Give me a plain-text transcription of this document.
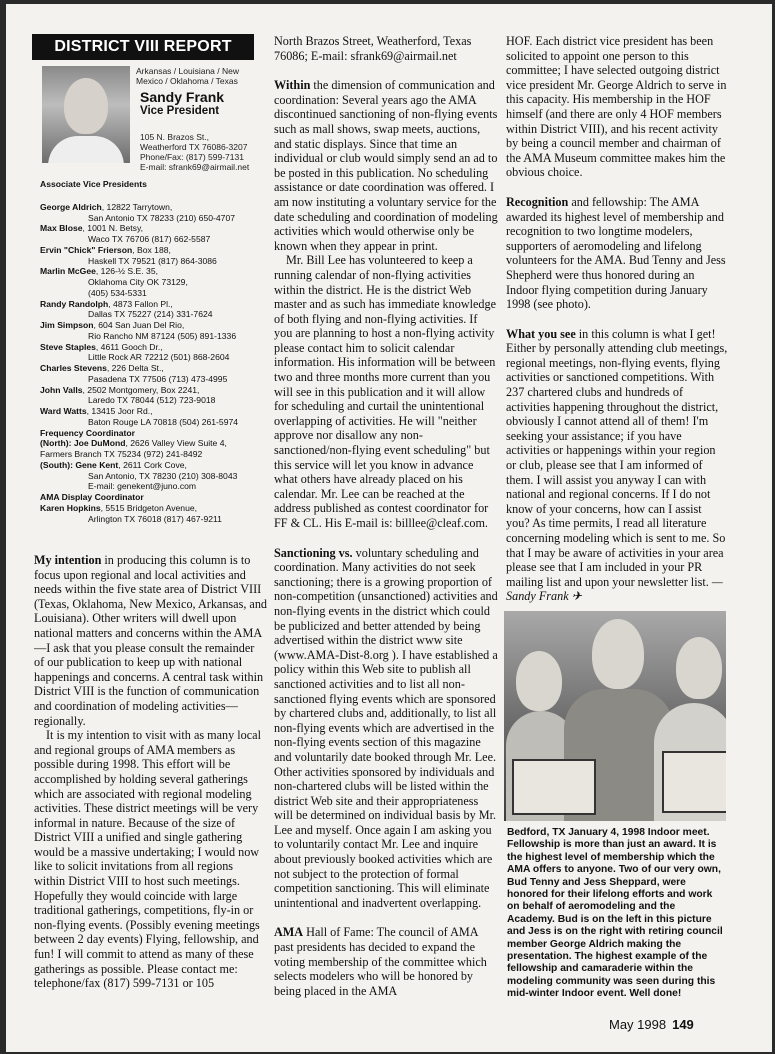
DISTRICT VIII REPORT
Arkansas / Louisiana / New Mexico / Oklahoma / Texas
Sandy Frank
Vice President
105 N. Brazos St.,
Weatherford TX 76086-3207
Phone/Fax: (817) 599-7131
E-mail: sfrank69@airmail.net
Associate Vice Presidents
George Aldrich, 12822 Tarrytown,
San Antonio TX 78233 (210) 650-4707
Max Blose, 1001 N. Betsy,
Waco TX 76706 (817) 662-5587
Ervin "Chick" Frierson, Box 188,
Haskell TX 79521 (817) 864-3086
Marlin McGee, 126-½ S.E. 35,
Oklahoma City OK 73129,
(405) 534-5331
Randy Randolph, 4873 Fallon Pl.,
Dallas TX 75227 (214) 331-7624
Jim Simpson, 604 San Juan Del Rio,
Rio Rancho NM 87124 (505) 891-1336
Steve Staples, 4611 Gooch Dr.,
Little Rock AR 72212 (501) 868-2604
Charles Stevens, 226 Delta St.,
Pasadena TX 77506 (713) 473-4995
John Valls, 2502 Montgomery, Box 2241,
Laredo TX 78044 (512) 723-9018
Ward Watts, 13415 Joor Rd.,
Baton Rouge LA 70818 (504) 261-5974
Frequency Coordinator
(North): Joe DuMond, 2626 Valley View Suite 4,
Farmers Branch TX 75234 (972) 241-8492
(South): Gene Kent, 2611 Cork Cove,
San Antonio, TX 78230 (210) 308-8043
E-mail: genekent@juno.com
AMA Display Coordinator
Karen Hopkins, 5515 Bridgeton Avenue,
Arlington TX 76018 (817) 467-9211

My intention in producing this column is to focus upon regional and local activities and needs within the five state area of District VIII (Texas, Oklahoma, New Mexico, Arkansas, and Louisiana). Other writers will dwell upon national matters and concerns within the AMA—I ask that you please consult the remainder of our publication to keep up with national happenings and concerns. A central task within District VIII is the function of communication and coordination of modeling activities—regionally.

It is my intention to visit with as many local and regional groups of AMA members as possible during 1998. This effort will be accomplished by holding several gatherings which are associated with regional modeling activities. These district meetings will be very informal in nature. Because of the size of District VIII a unified and single gathering would be a massive undertaking; I would now like to solicit invitations from all regions within District VIII to host such meetings. Hopefully they would coincide with large traditional gatherings, competitions, fly-in or non-flying events. (Possibly evening meetings between 2 day events) Flying, fellowship, and fun! I will commit to attend as many of these gatherings as possible. Please contact me: telephone/fax (817) 599-7131 or 105

North Brazos Street, Weatherford, Texas 76086; E-mail: sfrank69@airmail.net

Within the dimension of communication and coordination: Several years ago the AMA discontinued sanctioning of non-flying events such as mall shows, swap meets, auctions, and static displays. Since that time an individual or club would simply send an ad to be posted in this publication. No scheduling assistance or date coordination was offered. I am now instituting a voluntary service for the date scheduling and coordination of modeling activities which would otherwise only be known when they appear in print.

Mr. Bill Lee has volunteered to keep a running calendar of non-flying activities within the district. He is the district Web master and as such has immediate knowledge of both flying and non-flying activities. If you are planning to host a non-flying activity please contact him to solicit calendar information. His information will be between two and three months more current than you will see in this publication and it will allow for scheduling and curtail the unintentional overlapping of activities. He will "neither approve nor disallow any non-sanctioned/non-flying event scheduling" but this service will let you know in advance what others have already placed on his calendar. Mr. Lee can be reached at the address published as contest coordinator for FF & CL. His E-mail is: billlee@cleaf.com.

Sanctioning vs. voluntary scheduling and coordination. Many activities do not seek sanctioning; there is a growing proportion of non-competition (unsanctioned) activities and non-flying events in the district which could be publicized and better attended by being advertised within the district www site (www.AMA-Dist-8.org ). I have established a policy within this Web site to publish all sanctioned activities and to list all non-sanctioned flying events which are sponsored by chartered clubs and, additionally, to list all non-flying events which are advertised in the non-flying events section of this magazine and voluntarily date booked through Mr. Lee. Other activities sponsored by individuals and non-chartered clubs will be listed within the district Web site and their appropriateness will be determined on individual basis by Mr. Lee and myself. Once again I am asking you to voluntarily contact Mr. Lee and inquire about previously booked activities which are not subject to the protection of formal competition sanctioning. This will eliminate unintentional and inadvertent overlapping.

AMA Hall of Fame: The council of AMA past presidents has decided to expand the voting membership of the committee which selects modelers who will be honored by being placed in the AMA

HOF. Each district vice president has been solicited to appoint one person to this committee; I have selected outgoing district vice president Mr. George Aldrich to serve in this capacity. His membership in the HOF himself (and there are only 4 HOF members within District VIII), and his recent activity by being a council member and chairman of the AMA Museum committee makes him the obvious choice.

Recognition and fellowship: The AMA awarded its highest level of membership and recognition to two longtime modelers, supporters of aeromodeling and lifelong volunteers for the AMA. Bud Tenny and Jess Shepherd were thus honored during an Indoor flying competition during January 1998 (see photo).

What you see in this column is what I get! Either by personally attending club meetings, regional meetings, non-flying events, flying activities or sanctioned competitions. With 237 chartered clubs and hundreds of activities happening throughout the district, obviously I cannot attend all of them! I'm seeking your assistance; if you have activities or happenings within your region or club, please see that I am informed of them. I will assist you anyway I can with national and regional concerns. If I do not know of your concerns, how can I assist you? As time permits, I read all literature concerning modeling which is sent to me. So that I may be aware of activities in your area please see that I am included in your PR mailing list and upon your newsletter list. —Sandy Frank ✈

Bedford, TX January 4, 1998 Indoor meet. Fellowship is more than just an award. It is the highest level of membership which the AMA offers to anyone. Two of our very own, Bud Tenny and Jess Sheppard, were honored for their lifelong efforts and work on behalf of aeromodeling and the Academy. Bud is on the left in this picture and Jess is on the right with retiring council member George Aldrich making the presentation. The highest example of the fellowship and camaraderie within the modeling community was seen during this mid-winter Indoor event. Well done!
May 1998 149
